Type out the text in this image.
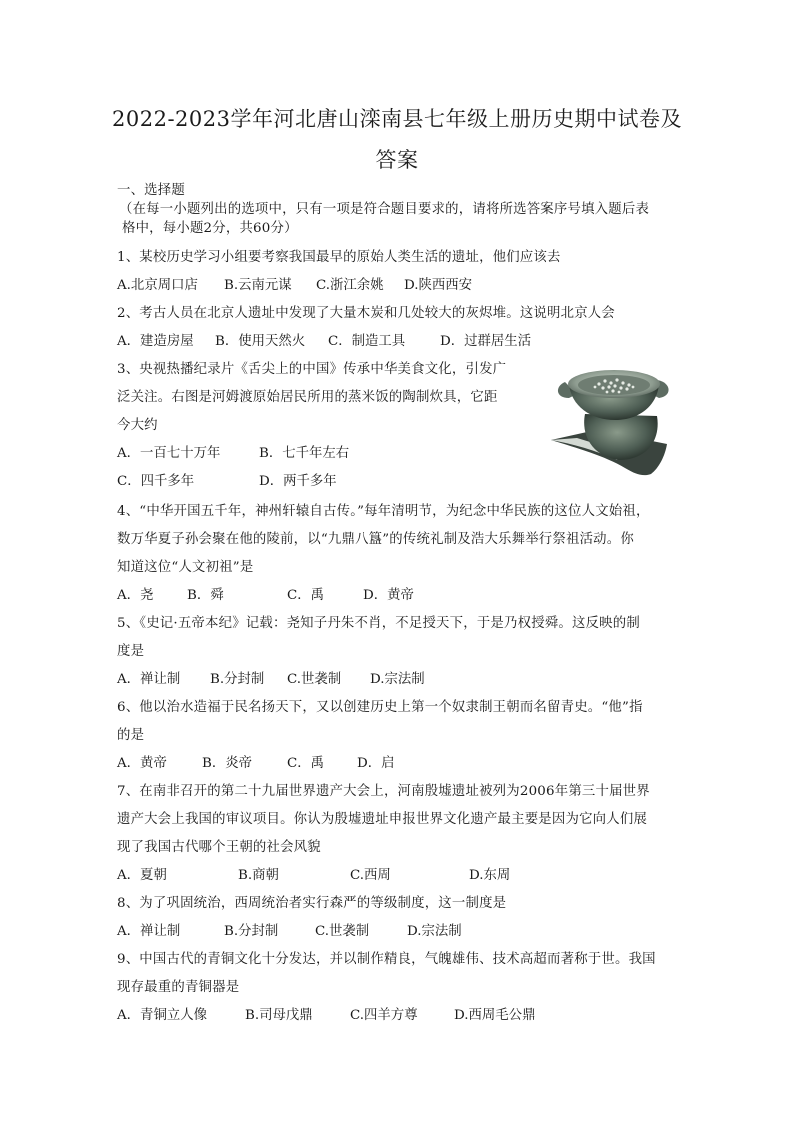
2022-2023学年河北唐山滦南县七年级上册历史期中试卷及
答案
一、选择题
（在每一小题列出的选项中，只有一项是符合题目要求的，请将所选答案序号填入题后表
格中，每小题2分，共60分）
1、某校历史学习小组要考察我国最早的原始人类生活的遗址，他们应该去
A.北京周口店 B.云南元谋 C.浙江余姚 D.陕西西安
2、考古人员在北京人遗址中发现了大量木炭和几处较大的灰烬堆。这说明北京人会
A．建造房屋 B．使用天然火 C．制造工具	D．过群居生活
3、央视热播纪录片《舌尖上的中国》传承中华美食文化，引发广
泛关注。右图是河姆渡原始居民所用的蒸米饭的陶制炊具，它距
今大约
A．一百七十万年	B．七千年左右
C．四千多年	D．两千多年
4、“中华开国五千年，神州轩辕自古传。”每年清明节，为纪念中华民族的这位人文始祖，
数万华夏子孙会聚在他的陵前，以“九鼎八簋”的传统礼制及浩大乐舞举行祭祖活动。你
知道这位“人文初祖”是
A．尧	B．舜	C．禹	D．黄帝
5、《史记·五帝本纪》记载：尧知子丹朱不肖，不足授天下，于是乃权授舜。这反映的制
度是
A．禅让制 B.分封制 C.世袭制 D.宗法制
6、他以治水造福于民名扬天下，又以创建历史上第一个奴隶制王朝而名留青史。“他”指
的是
A．黄帝	B．炎帝	C．禹 D．启
7、在南非召开的第二十九届世界遗产大会上，河南殷墟遗址被列为2006年第三十届世界
遗产大会上我国的审议项目。你认为殷墟遗址申报世界文化遗产最主要是因为它向人们展
现了我国古代哪个王朝的社会风貌
A．夏朝	B.商朝	C.西周	D.东周
8、为了巩固统治，西周统治者实行森严的等级制度，这一制度是
A．禅让制	B.分封制	C.世袭制	D.宗法制
9、中国古代的青铜文化十分发达，并以制作精良，气魄雄伟、技术高超而著称于世。我国
现存最重的青铜器是
A．青铜立人像	B.司母戊鼎	C.四羊方尊	D.西周毛公鼎
